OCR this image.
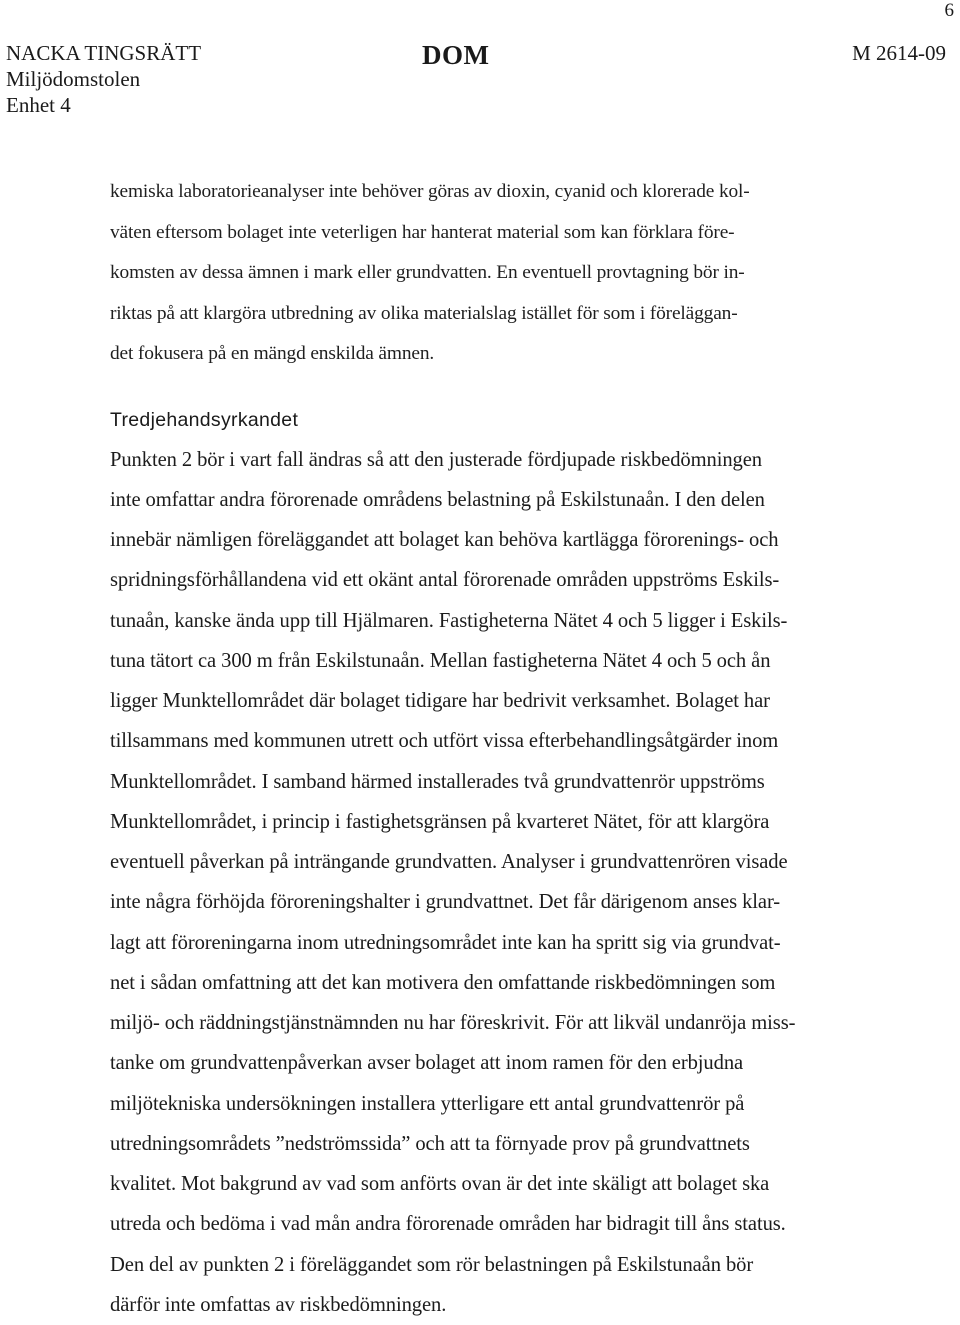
6
NACKA TINGSRÄTT
Miljödomstolen
Enhet 4
DOM	M 2614-09

kemiska laboratorieanalyser inte behöver göras av dioxin, cyanid och klorerade kol-
väten eftersom bolaget inte veterligen har hanterat material som kan förklara före-
komsten av dessa ämnen i mark eller grundvatten. En eventuell provtagning bör in-
riktas på att klargöra utbredning av olika materialslag istället för som i föreläggan-
det fokusera på en mängd enskilda ämnen.

Tredjehandsyrkandet

Punkten 2 bör i vart fall ändras så att den justerade fördjupade riskbedömningen
inte omfattar andra förorenade områdens belastning på Eskilstunaån. I den delen
innebär nämligen föreläggandet att bolaget kan behöva kartlägga förorenings- och
spridningsförhållandena vid ett okänt antal förorenade områden uppströms Eskils-
tunaån, kanske ända upp till Hjälmaren. Fastigheterna Nätet 4 och 5 ligger i Eskils-
tuna tätort ca 300 m från Eskilstunaån. Mellan fastigheterna Nätet 4 och 5 och ån
ligger Munktellområdet där bolaget tidigare har bedrivit verksamhet. Bolaget har
tillsammans med kommunen utrett och utfört vissa efterbehandlingsåtgärder inom
Munktellområdet. I samband härmed installerades två grundvattenrör uppströms
Munktellområdet, i princip i fastighetsgränsen på kvarteret Nätet, för att klargöra
eventuell påverkan på inträngande grundvatten. Analyser i grundvattenrören visade
inte några förhöjda föroreningshalter i grundvattnet. Det får därigenom anses klar-
lagt att föroreningarna inom utredningsområdet inte kan ha spritt sig via grundvat-
net i sådan omfattning att det kan motivera den omfattande riskbedömningen som
miljö- och räddningstjänstnämnden nu har föreskrivit. För att likväl undanröja miss-
tanke om grundvattenpåverkan avser bolaget att inom ramen för den erbjudna
miljötekniska undersökningen installera ytterligare ett antal grundvattenrör på
utredningsområdets ”nedströmssida” och att ta förnyade prov på grundvattnets
kvalitet. Mot bakgrund av vad som anförts ovan är det inte skäligt att bolaget ska
utreda och bedöma i vad mån andra förorenade områden har bidragit till åns status.
Den del av punkten 2 i föreläggandet som rör belastningen på Eskilstunaån bör
därför inte omfattas av riskbedömningen.
